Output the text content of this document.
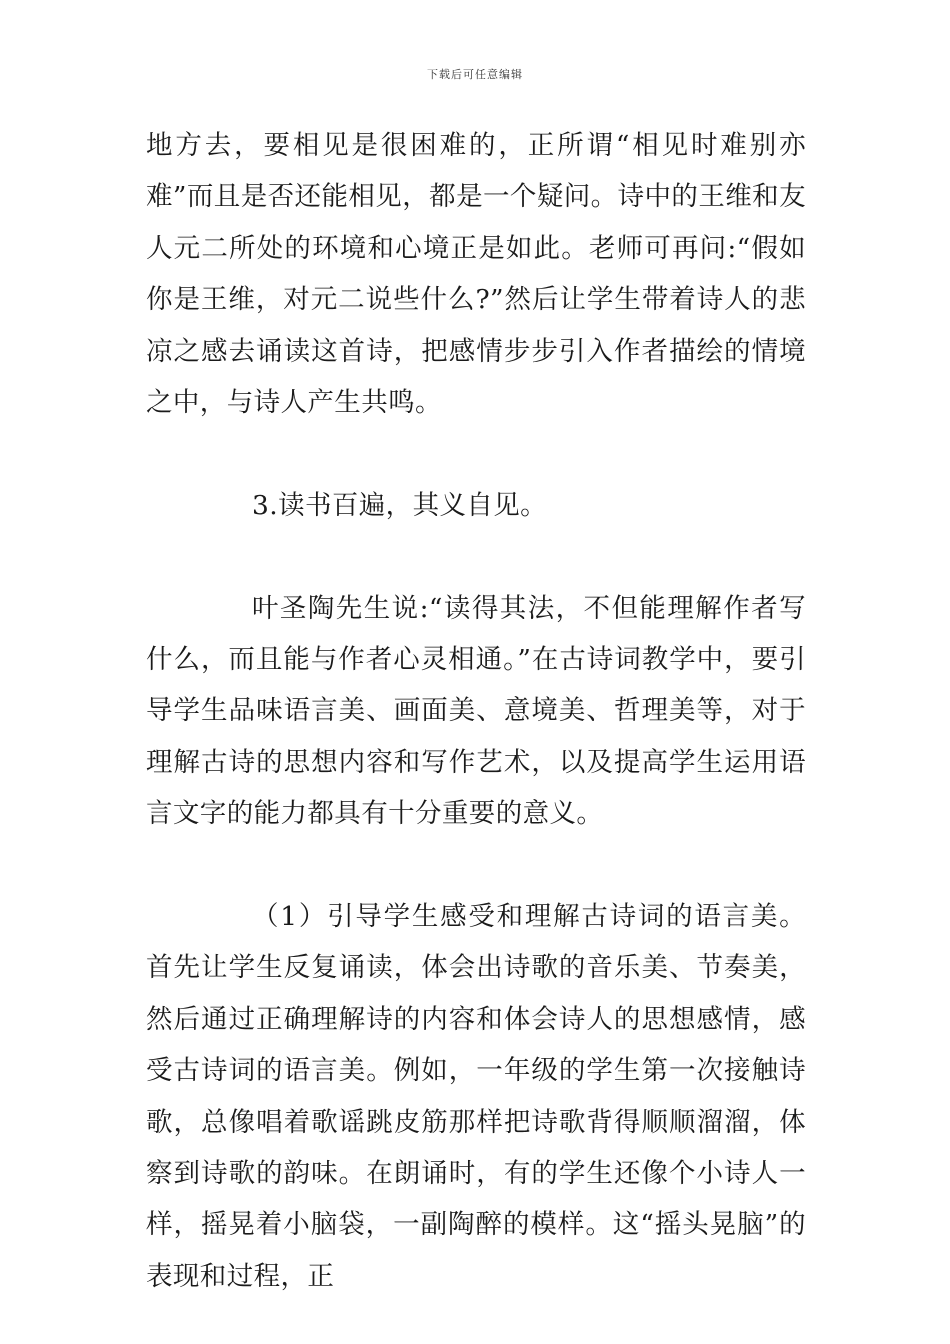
下载后可任意编辑

地方去，要相见是很困难的，正所谓“相见时难别亦难”而且是否还能相见，都是一个疑问。诗中的王维和友人元二所处的环境和心境正是如此。老师可再问:“假如你是王维，对元二说些什么?”然后让学生带着诗人的悲凉之感去诵读这首诗，把感情步步引入作者描绘的情境之中，与诗人产生共鸣。

3.读书百遍，其义自见。

叶圣陶先生说:“读得其法，不但能理解作者写什么，而且能与作者心灵相通。”在古诗词教学中，要引导学生品味语言美、画面美、意境美、哲理美等，对于理解古诗的思想内容和写作艺术，以及提高学生运用语言文字的能力都具有十分重要的意义。

（1）引导学生感受和理解古诗词的语言美。首先让学生反复诵读，体会出诗歌的音乐美、节奏美，然后通过正确理解诗的内容和体会诗人的思想感情，感受古诗词的语言美。例如，一年级的学生第一次接触诗歌，总像唱着歌谣跳皮筋那样把诗歌背得顺顺溜溜，体察到诗歌的韵味。在朗诵时，有的学生还像个小诗人一样，摇晃着小脑袋，一副陶醉的模样。这“摇头晃脑”的表现和过程，正
